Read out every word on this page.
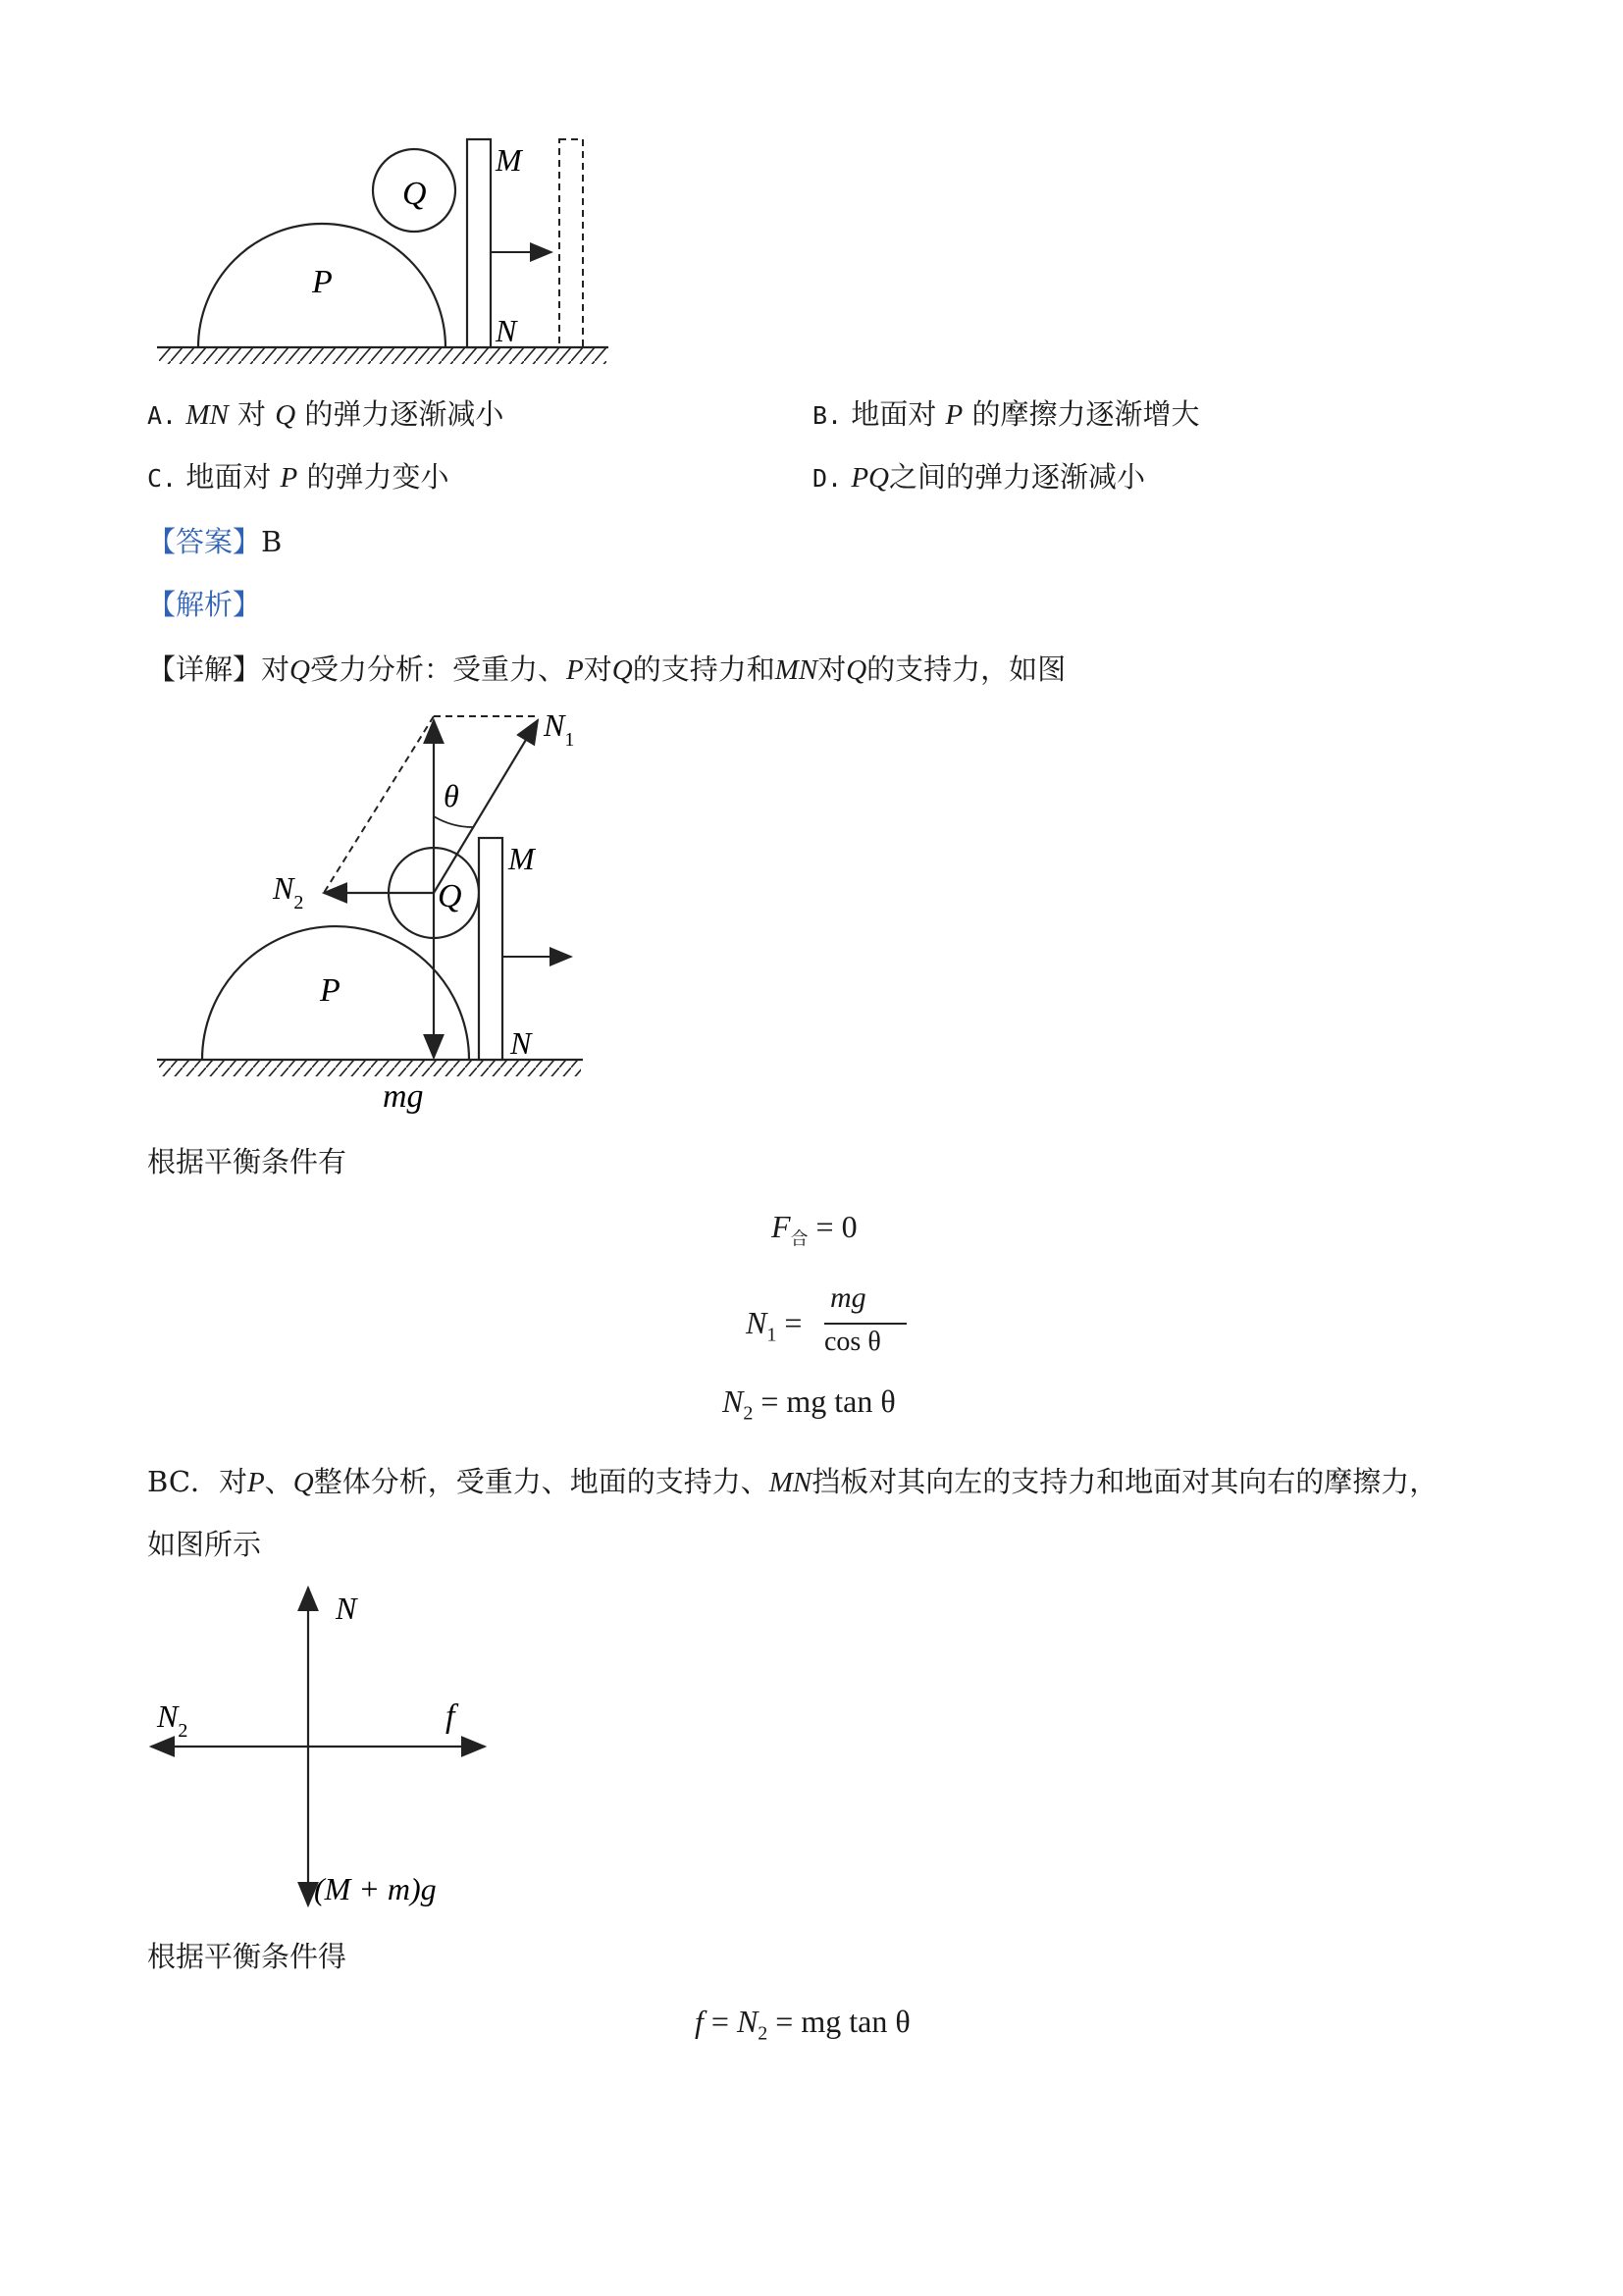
Q
P
M
N
A. MN 对 Q 的弹力逐渐减小	B. 地面对 P 的摩擦力逐渐增大
C. 地面对 P 的弹力变小	D. PQ之间的弹力逐渐减小
【答案】B
【解析】
【详解】对Q受力分析：受重力、P对Q的支持力和MN对Q的支持力，如图
$N_1$
θ
$N_2$	Q
M
P
N
mg
根据平衡条件有
$F_合 = 0$
$N_1$ =
mg
cos θ
$N_2$ = mg tan θ
BC．对P、Q整体分析，受重力、地面的支持力、MN挡板对其向左的支持力和地面对其向右的摩擦力，
如图所示
N
$N_2$	f
(M + m)g
根据平衡条件得
$f = N_2$ = mg tan θ
